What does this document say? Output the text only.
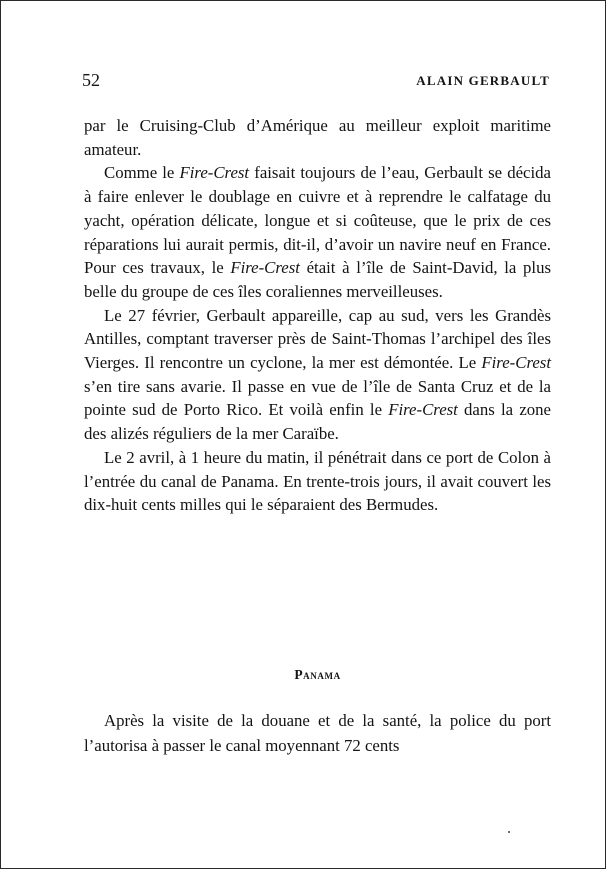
52	ALAIN GERBAULT

par le Cruising-Club d’Amérique au meilleur exploit maritime amateur.

Comme le Fire-Crest faisait toujours de l’eau, Gerbault se décida à faire enlever le doublage en cuivre et à reprendre le calfatage du yacht, opération délicate, longue et si coûteuse, que le prix de ces réparations lui aurait permis, dit-il, d’avoir un navire neuf en France. Pour ces travaux, le Fire-Crest était à l’île de Saint-David, la plus belle du groupe de ces îles coraliennes merveilleuses.

Le 27 février, Gerbault appareille, cap au sud, vers les Grandès Antilles, comptant traverser près de Saint-Thomas l’archipel des îles Vierges. Il rencontre un cyclone, la mer est démontée. Le Fire-Crest s’en tire sans avarie. Il passe en vue de l’île de Santa Cruz et de la pointe sud de Porto Rico. Et voilà enfin le Fire-Crest dans la zone des alizés réguliers de la mer Caraïbe.

Le 2 avril, à 1 heure du matin, il pénétrait dans ce port de Colon à l’entrée du canal de Panama. En trente-trois jours, il avait couvert les dix-huit cents milles qui le séparaient des Bermudes.

Panama

Après la visite de la douane et de la santé, la police du port l’autorisa à passer le canal moyennant 72 cents
